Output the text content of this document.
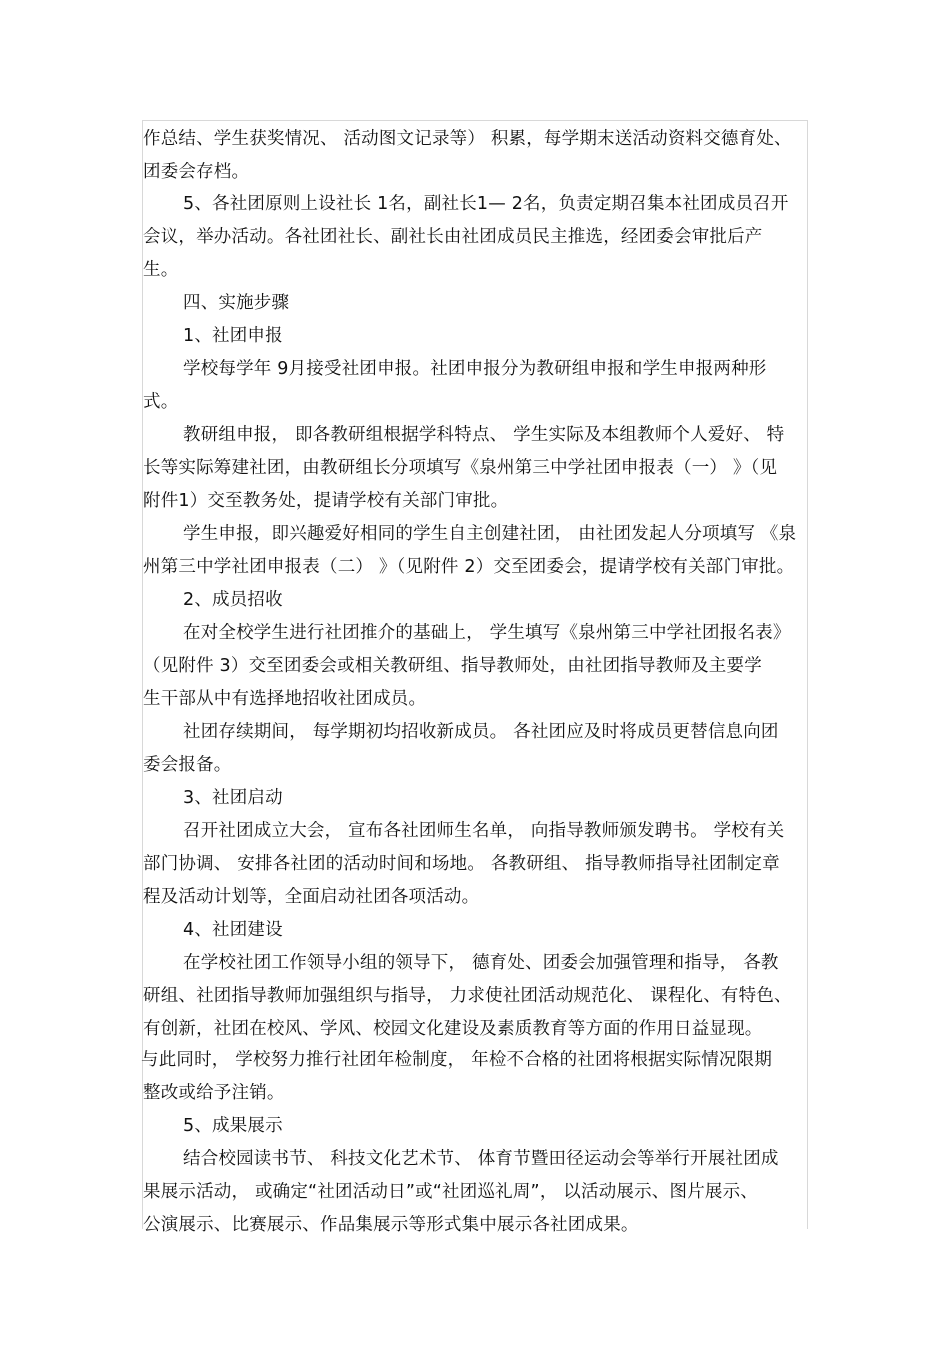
作总结、学生获奖情况、 活动图文记录等） 积累，每学期末送活动资料交德育处、
团委会存档。
5、各社团原则上设社长 1名，副社长1— 2名，负责定期召集本社团成员召开
会议，举办活动。各社团社长、副社长由社团成员民主推选，经团委会审批后产
生。
四、实施步骤
1、社团申报
学校每学年 9月接受社团申报。社团申报分为教研组申报和学生申报两种形
式。
教研组申报， 即各教研组根据学科特点、 学生实际及本组教师个人爱好、 特
长等实际筹建社团，由教研组长分项填写《泉州第三中学社团申报表（一） 》（见
附件1）交至教务处，提请学校有关部门审批。
学生申报，即兴趣爱好相同的学生自主创建社团， 由社团发起人分项填写 《泉
州第三中学社团申报表（二） 》（见附件 2）交至团委会，提请学校有关部门审批。
2、成员招收
在对全校学生进行社团推介的基础上， 学生填写《泉州第三中学社团报名表》
（见附件 3）交至团委会或相关教研组、指导教师处，由社团指导教师及主要学
生干部从中有选择地招收社团成员。
社团存续期间， 每学期初均招收新成员。 各社团应及时将成员更替信息向团
委会报备。
3、社团启动
召开社团成立大会， 宣布各社团师生名单， 向指导教师颁发聘书。 学校有关
部门协调、 安排各社团的活动时间和场地。 各教研组、 指导教师指导社团制定章
程及活动计划等，全面启动社团各项活动。
4、社团建设
在学校社团工作领导小组的领导下， 德育处、团委会加强管理和指导， 各教
研组、社团指导教师加强组织与指导， 力求使社团活动规范化、 课程化、有特色、
有创新，社团在校风、学风、校园文化建设及素质教育等方面的作用日益显现。
与此同时， 学校努力推行社团年检制度， 年检不合格的社团将根据实际情况限期
整改或给予注销。
5、成果展示
结合校园读书节、 科技文化艺术节、 体育节暨田径运动会等举行开展社团成
果展示活动， 或确定“社团活动日”或“社团巡礼周”， 以活动展示、图片展示、
公演展示、比赛展示、作品集展示等形式集中展示各社团成果。
